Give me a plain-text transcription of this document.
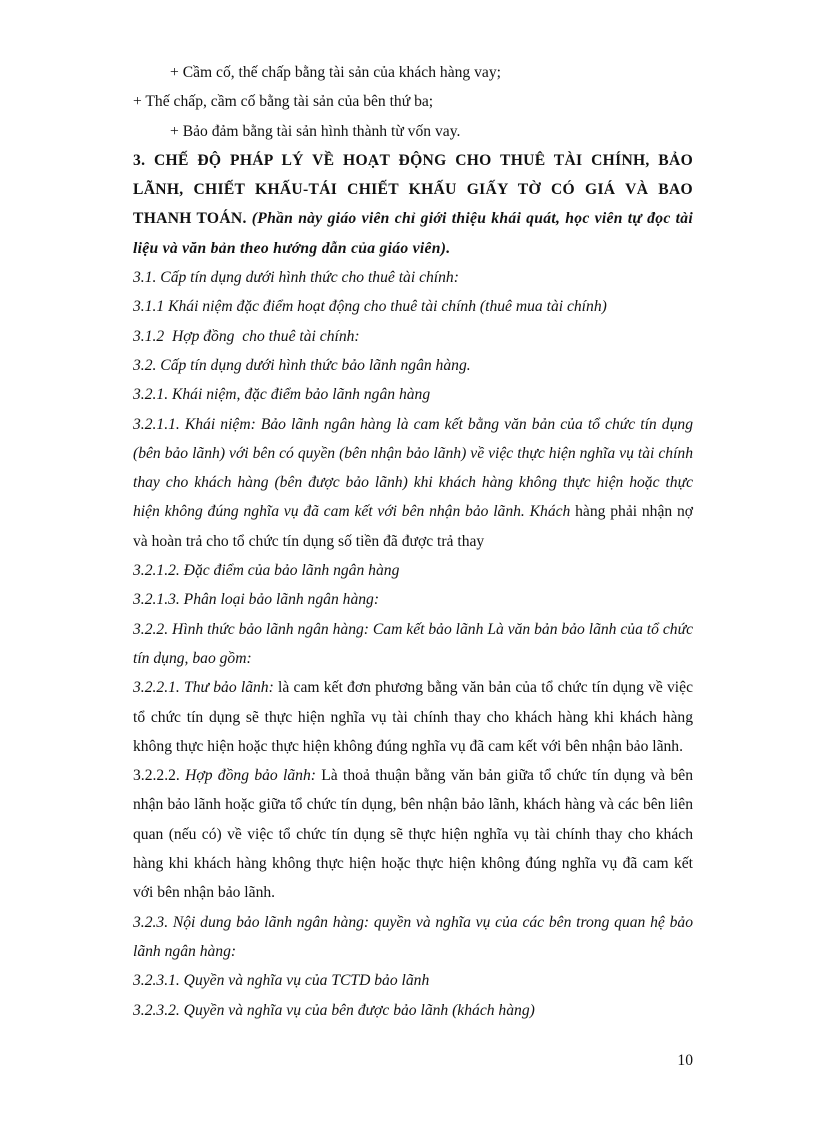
+ Cầm cố, thế chấp bằng tài sản của khách hàng vay;

+ Thế chấp, cầm cố bằng tài sản của bên thứ ba;

+ Bảo đảm bằng tài sản hình thành từ vốn vay.

3. CHẾ ĐỘ PHÁP LÝ VỀ HOẠT ĐỘNG CHO THUÊ TÀI CHÍNH, BẢO LÃNH, CHIẾT KHẤU-TÁI CHIẾT KHẤU GIẤY TỜ CÓ GIÁ VÀ BAO THANH TOÁN. (Phần này giáo viên chỉ giới thiệu khái quát, học viên tự đọc tài liệu và văn bản theo hướng dẫn của giáo viên).

3.1. Cấp tín dụng dưới hình thức cho thuê tài chính:

3.1.1 Khái niệm đặc điểm hoạt động cho thuê tài chính (thuê mua tài chính)

3.1.2  Hợp đồng  cho thuê tài chính:

3.2. Cấp tín dụng dưới hình thức bảo lãnh ngân hàng.

3.2.1. Khái niệm, đặc điểm bảo lãnh ngân hàng

3.2.1.1. Khái niệm: Bảo lãnh ngân hàng là cam kết bằng văn bản của tổ chức tín dụng (bên bảo lãnh) với bên có quyền (bên nhận bảo lãnh) về việc thực hiện nghĩa vụ tài chính thay cho khách hàng (bên được bảo lãnh) khi khách hàng không thực hiện hoặc thực hiện không đúng nghĩa vụ đã cam kết với bên nhận bảo lãnh. Khách hàng phải nhận nợ và hoàn trả cho tổ chức tín dụng số tiền đã được trả thay

3.2.1.2. Đặc điểm của bảo lãnh ngân hàng

3.2.1.3. Phân loại bảo lãnh ngân hàng:

3.2.2. Hình thức bảo lãnh ngân hàng: Cam kết bảo lãnh Là văn bản bảo lãnh của tổ chức tín dụng, bao gồm:

3.2.2.1. Thư bảo lãnh: là cam kết đơn phương bằng văn bản của tổ chức tín dụng về việc tổ chức tín dụng sẽ thực hiện nghĩa vụ tài chính thay cho khách hàng khi khách hàng không thực hiện hoặc thực hiện không đúng nghĩa vụ đã cam kết với bên nhận bảo lãnh.

3.2.2.2. Hợp đồng bảo lãnh: Là thoả thuận bằng văn bản giữa tổ chức tín dụng và bên nhận bảo lãnh hoặc giữa tổ chức tín dụng, bên nhận bảo lãnh, khách hàng và các bên liên quan (nếu có) về việc tổ chức tín dụng sẽ thực hiện nghĩa vụ tài chính thay cho khách hàng khi khách hàng không thực hiện hoặc thực hiện không đúng nghĩa vụ đã cam kết với bên nhận bảo lãnh.

3.2.3. Nội dung bảo lãnh ngân hàng: quyền và nghĩa vụ của các bên trong quan hệ bảo lãnh ngân hàng:

3.2.3.1. Quyền và nghĩa vụ của TCTD bảo lãnh

3.2.3.2. Quyền và nghĩa vụ của bên được bảo lãnh (khách hàng)

10
